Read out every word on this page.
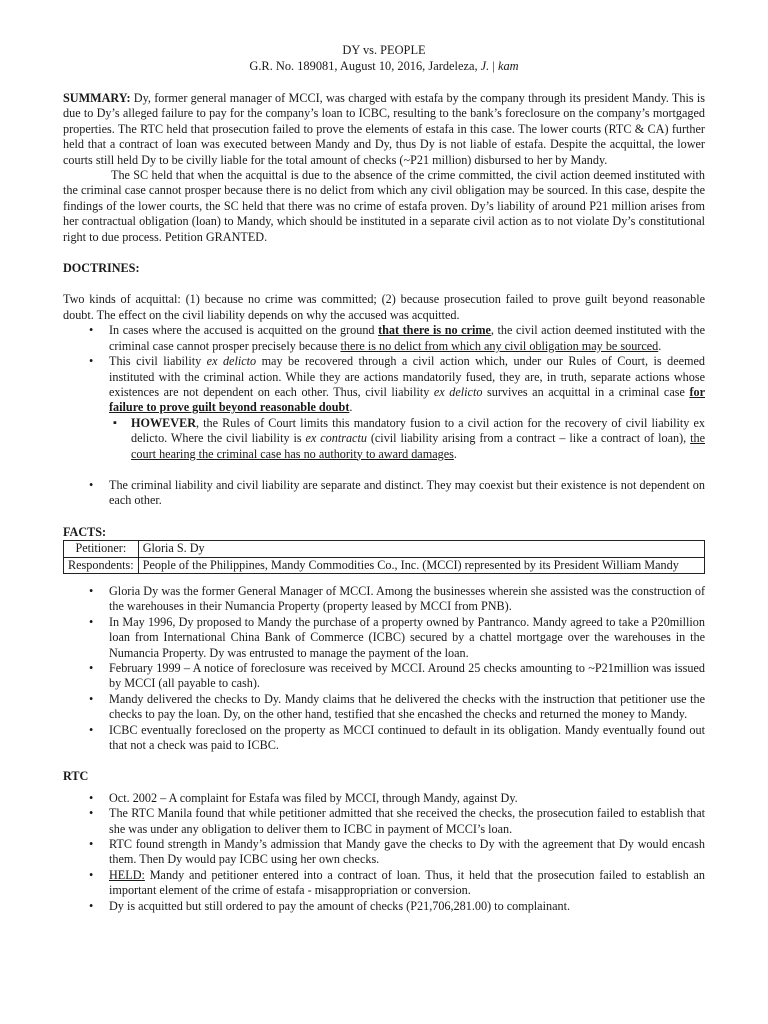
DY vs. PEOPLE
G.R. No. 189081, August 10, 2016, Jardeleza, J. | kam

SUMMARY: Dy, former general manager of MCCI, was charged with estafa by the company through its president Mandy. This is due to Dy’s alleged failure to pay for the company’s loan to ICBC, resulting to the bank’s foreclosure on the company’s mortgaged properties. The RTC held that prosecution failed to prove the elements of estafa in this case. The lower courts (RTC & CA) further held that a contract of loan was executed between Mandy and Dy, thus Dy is not liable of estafa. Despite the acquittal, the lower courts still held Dy to be civilly liable for the total amount of checks (~P21 million) disbursed to her by Mandy.

The SC held that when the acquittal is due to the absence of the crime committed, the civil action deemed instituted with the criminal case cannot prosper because there is no delict from which any civil obligation may be sourced. In this case, despite the findings of the lower courts, the SC held that there was no crime of estafa proven. Dy’s liability of around P21 million arises from her contractual obligation (loan) to Mandy, which should be instituted in a separate civil action as to not violate Dy’s constitutional right to due process. Petition GRANTED.

DOCTRINES:

Two kinds of acquittal: (1) because no crime was committed; (2) because prosecution failed to prove guilt beyond reasonable doubt. The effect on the civil liability depends on why the accused was acquitted.

• In cases where the accused is acquitted on the ground that there is no crime, the civil action deemed instituted with the criminal case cannot prosper precisely because there is no delict from which any civil obligation may be sourced.
• This civil liability ex delicto may be recovered through a civil action which, under our Rules of Court, is deemed instituted with the criminal action. While they are actions mandatorily fused, they are, in truth, separate actions whose existences are not dependent on each other. Thus, civil liability ex delicto survives an acquittal in a criminal case for failure to prove guilt beyond reasonable doubt.
▪ HOWEVER, the Rules of Court limits this mandatory fusion to a civil action for the recovery of civil liability ex delicto. Where the civil liability is ex contractu (civil liability arising from a contract – like a contract of loan), the court hearing the criminal case has no authority to award damages.
• The criminal liability and civil liability are separate and distinct. They may coexist but their existence is not dependent on each other.
FACTS:
Petitioner:	Gloria S. Dy
Respondents:	People of the Philippines, Mandy Commodities Co., Inc. (MCCI) represented by its President William Mandy
• Gloria Dy was the former General Manager of MCCI. Among the businesses wherein she assisted was the construction of the warehouses in their Numancia Property (property leased by MCCI from PNB).
• In May 1996, Dy proposed to Mandy the purchase of a property owned by Pantranco. Mandy agreed to take a P20million loan from International China Bank of Commerce (ICBC) secured by a chattel mortgage over the warehouses in the Numancia Property. Dy was entrusted to manage the payment of the loan.
• February 1999 – A notice of foreclosure was received by MCCI. Around 25 checks amounting to ~P21million was issued by MCCI (all payable to cash).
• Mandy delivered the checks to Dy. Mandy claims that he delivered the checks with the instruction that petitioner use the checks to pay the loan. Dy, on the other hand, testified that she encashed the checks and returned the money to Mandy.
• ICBC eventually foreclosed on the property as MCCI continued to default in its obligation. Mandy eventually found out that not a check was paid to ICBC.
RTC
• Oct. 2002 – A complaint for Estafa was filed by MCCI, through Mandy, against Dy.
• The RTC Manila found that while petitioner admitted that she received the checks, the prosecution failed to establish that she was under any obligation to deliver them to ICBC in payment of MCCI’s loan.
• RTC found strength in Mandy’s admission that Mandy gave the checks to Dy with the agreement that Dy would encash them. Then Dy would pay ICBC using her own checks.
• HELD: Mandy and petitioner entered into a contract of loan. Thus, it held that the prosecution failed to establish an important element of the crime of estafa - misappropriation or conversion.
• Dy is acquitted but still ordered to pay the amount of checks (P21,706,281.00) to complainant.
